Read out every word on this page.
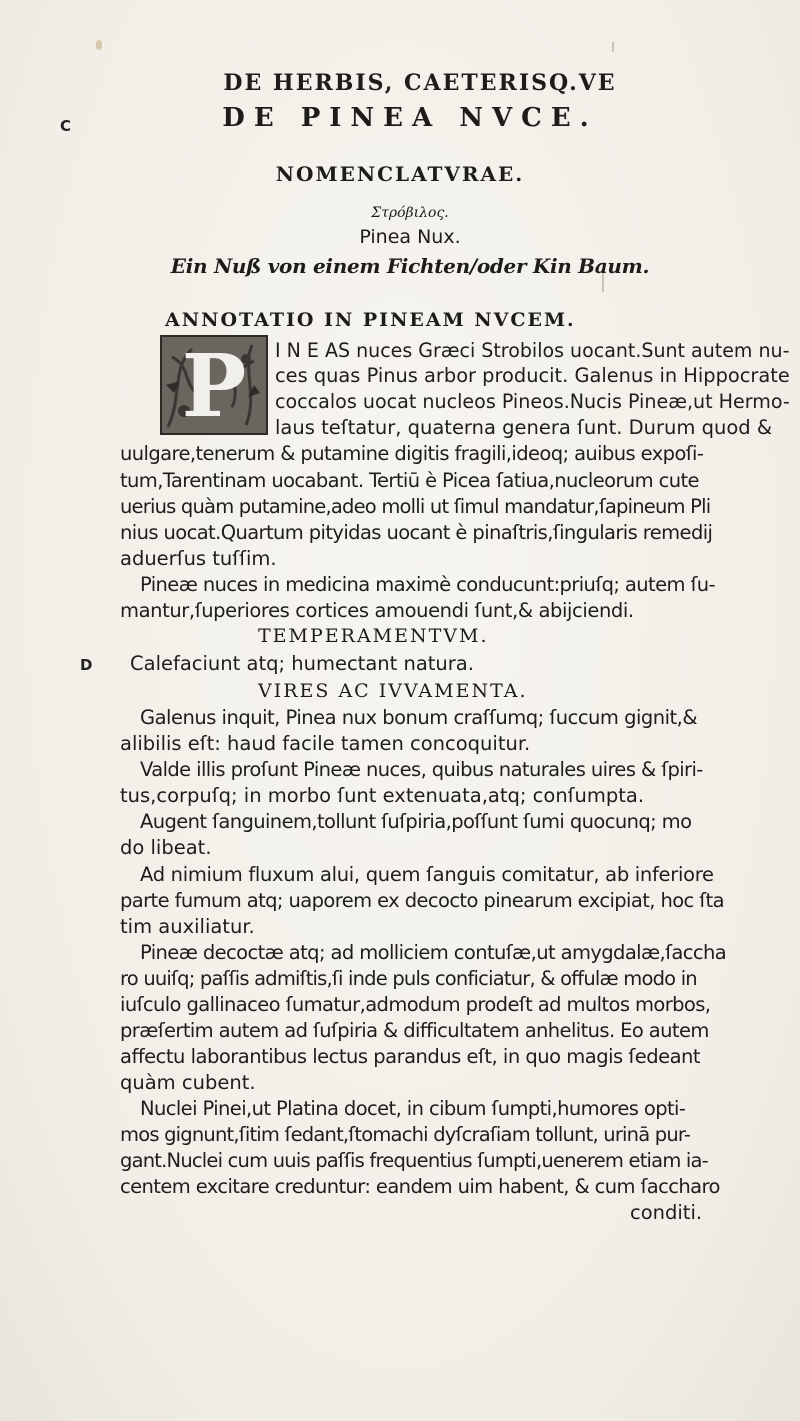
C
D
DE HERBIS, CAETERISQ.VE
DE PINEA NVCE.
NOMENCLATVRAE.
Στρόβιλος.
Pinea Nux.
Ein Nuß von einem Fichten/oder Kin Baum.
ANNOTATIO IN PINEAM NVCEM.
P	I N E AS nuces Græci Strobilos uocant.Sunt autem nu-
ces quas Pinus arbor producit. Galenus in Hippocrate
coccalos uocat nucleos Pineos.Nucis Pineæ,ut Hermo-
laus teſtatur, quaterna genera ſunt. Durum quod &
uulgare,tenerum & putamine digitis fragili,ideoq; auibus expoſi-
tum,Tarentinam uocabant. Tertiū è Picea ſatiua,nucleorum cute
uerius quàm putamine,adeo molli ut ſimul mandatur,ſapineum Pli
nius uocat.Quartum pityidas uocant è pinaſtris,ſingularis remedij
aduerſus tuſſim.
Pineæ nuces in medicina maximè conducunt:priuſq; autem ſu-
mantur,ſuperiores cortices amouendi ſunt,& abijciendi.
TEMPERAMENTVM.
Calefaciunt atq; humectant natura.
VIRES AC IVVAMENTA.
Galenus inquit, Pinea nux bonum craſſumq; ſuccum gignit,&
alibilis eſt: haud facile tamen concoquitur.
Valde illis proſunt Pineæ nuces, quibus naturales uires & ſpiri-
tus,corpuſq; in morbo ſunt extenuata,atq; conſumpta.
Augent ſanguinem,tollunt ſuſpiria,poſſunt ſumi quocunq; mo
do libeat.
Ad nimium fluxum alui, quem ſanguis comitatur, ab inferiore
parte fumum atq; uaporem ex decocto pinearum excipiat, hoc ſta
tim auxiliatur.
Pineæ decoctæ atq; ad molliciem contuſæ,ut amygdalæ,ſaccha
ro uuiſq; paſſis admiſtis,ſi inde puls conficiatur, & offulæ modo in
iuſculo gallinaceo ſumatur,admodum prodeſt ad multos morbos,
præſertim autem ad ſuſpiria & difficultatem anhelitus. Eo autem
affectu laborantibus lectus parandus eſt, in quo magis ſedeant
quàm cubent.
Nuclei Pinei,ut Platina docet, in cibum ſumpti,humores opti-
mos gignunt,ſitim ſedant,ſtomachi dyſcraſiam tollunt, urinā pur-
gant.Nuclei cum uuis paſſis frequentius ſumpti,uenerem etiam ia-
centem excitare creduntur: eandem uim habent, & cum ſaccharo
conditi.
